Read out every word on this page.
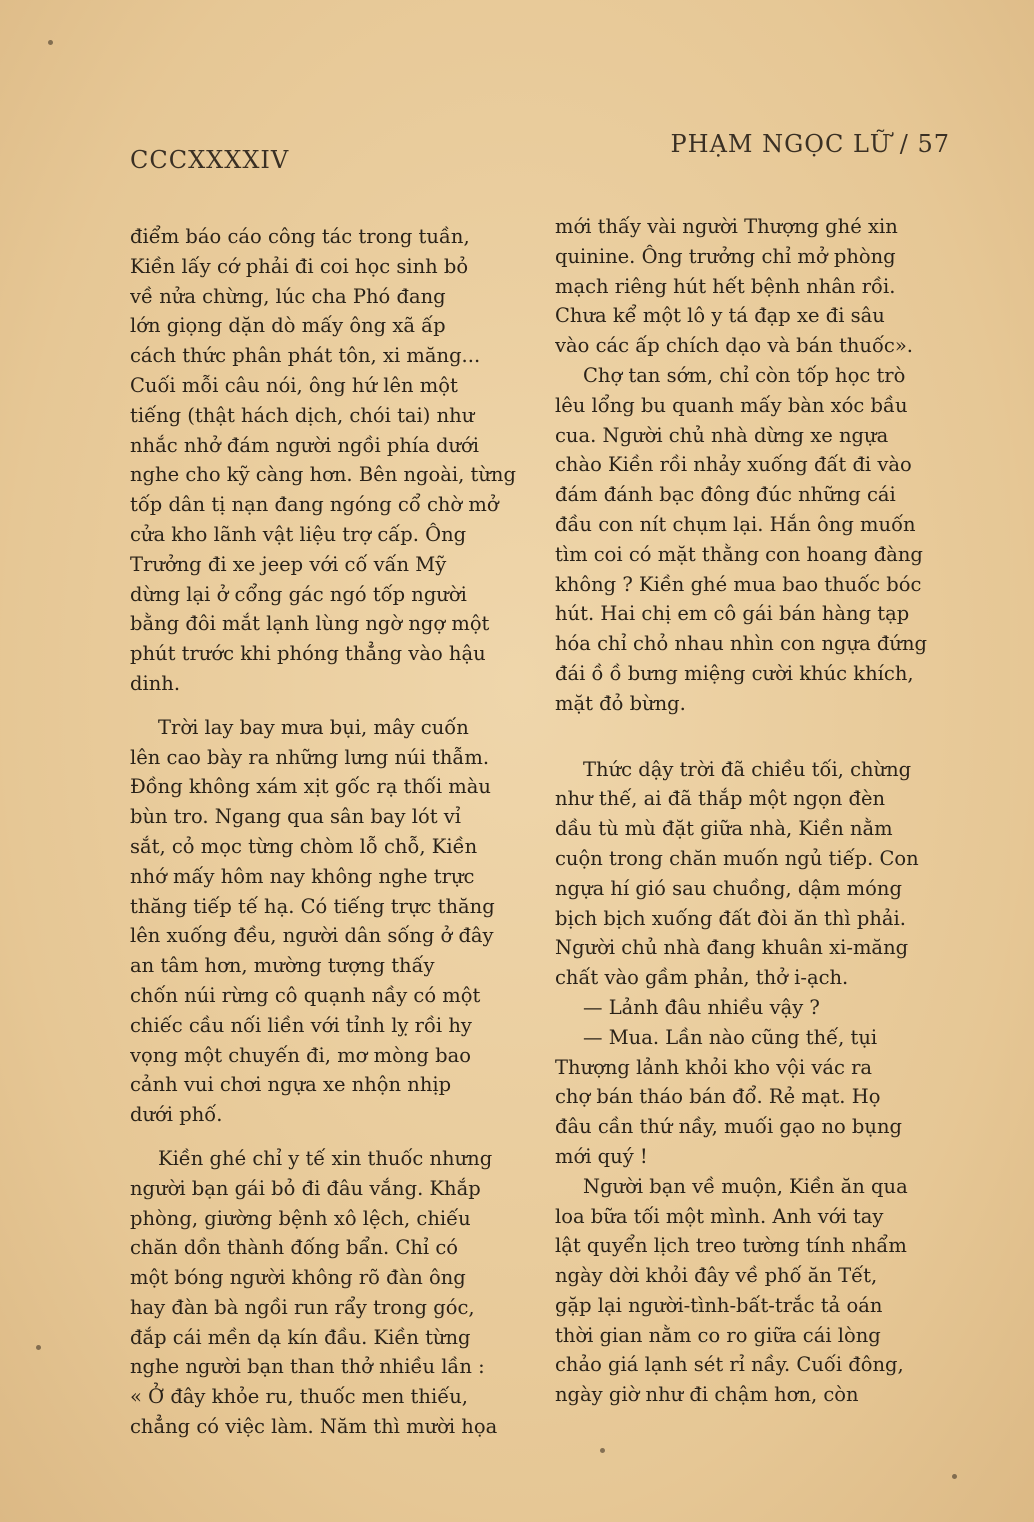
CCCXXXXIV
PHẠM NGỌC LỮ / 57
điểm báo cáo công tác trong tuần,
Kiền lấy cớ phải đi coi học sinh bỏ
về nửa chừng, lúc cha Phó đang
lớn giọng dặn dò mấy ông xã ấp
cách thức phân phát tôn, xi măng...
Cuối mỗi câu nói, ông hứ lên một
tiếng (thật hách dịch, chói tai) như
nhắc nhở đám người ngồi phía dưới
nghe cho kỹ càng hơn. Bên ngoài, từng
tốp dân tị nạn đang ngóng cổ chờ mở
cửa kho lãnh vật liệu trợ cấp. Ông
Trưởng đi xe jeep với cố vấn Mỹ
dừng lại ở cổng gác ngó tốp người
bằng đôi mắt lạnh lùng ngờ ngợ một
phút trước khi phóng thẳng vào hậu
dinh.
Trời lay bay mưa bụi, mây cuốn
lên cao bày ra những lưng núi thẫm.
Đồng không xám xịt gốc rạ thối màu
bùn tro. Ngang qua sân bay lót vỉ
sắt, cỏ mọc từng chòm lỗ chỗ, Kiền
nhớ mấy hôm nay không nghe trực
thăng tiếp tế hạ. Có tiếng trực thăng
lên xuống đều, người dân sống ở đây
an tâm hơn, mường tượng thấy
chốn núi rừng cô quạnh nầy có một
chiếc cầu nối liền với tỉnh lỵ rồi hy
vọng một chuyến đi, mơ mòng bao
cảnh vui chơi ngựa xe nhộn nhịp
dưới phố.
Kiền ghé chỉ y tế xin thuốc nhưng
người bạn gái bỏ đi đâu vắng. Khắp
phòng, giường bệnh xô lệch, chiếu
chăn dồn thành đống bẩn. Chỉ có
một bóng người không rõ đàn ông
hay đàn bà ngồi run rẩy trong góc,
đắp cái mền dạ kín đầu. Kiền từng
nghe người bạn than thở nhiều lần :
« Ở đây khỏe ru, thuốc men thiếu,
chẳng có việc làm. Năm thì mười họa
mới thấy vài người Thượng ghé xin
quinine. Ông trưởng chỉ mở phòng
mạch riêng hút hết bệnh nhân rồi.
Chưa kể một lô y tá đạp xe đi sâu
vào các ấp chích dạo và bán thuốc».
Chợ tan sớm, chỉ còn tốp học trò
lêu lổng bu quanh mấy bàn xóc bầu
cua. Người chủ nhà dừng xe ngựa
chào Kiền rồi nhảy xuống đất đi vào
đám đánh bạc đông đúc những cái
đầu con nít chụm lại. Hắn ông muốn
tìm coi có mặt thằng con hoang đàng
không ? Kiền ghé mua bao thuốc bóc
hút. Hai chị em cô gái bán hàng tạp
hóa chỉ chỏ nhau nhìn con ngựa đứng
đái ồ ồ bưng miệng cười khúc khích,
mặt đỏ bừng.
Thức dậy trời đã chiều tối, chừng
như thế, ai đã thắp một ngọn đèn
dầu tù mù đặt giữa nhà, Kiền nằm
cuộn trong chăn muốn ngủ tiếp. Con
ngựa hí gió sau chuồng, dậm móng
bịch bịch xuống đất đòi ăn thì phải.
Người chủ nhà đang khuân xi-măng
chất vào gầm phản, thở i-ạch.
— Lảnh đâu nhiều vậy ?
— Mua. Lần nào cũng thế, tụi
Thượng lảnh khỏi kho vội vác ra
chợ bán tháo bán đổ. Rẻ mạt. Họ
đâu cần thứ nầy, muối gạo no bụng
mới quý !
Người bạn về muộn, Kiền ăn qua
loa bữa tối một mình. Anh với tay
lật quyển lịch treo tường tính nhẩm
ngày dời khỏi đây về phố ăn Tết,
gặp lại người-tình-bất-trắc tả oán
thời gian nằm co ro giữa cái lòng
chảo giá lạnh sét rỉ nầy. Cuối đông,
ngày giờ như đi chậm hơn, còn
